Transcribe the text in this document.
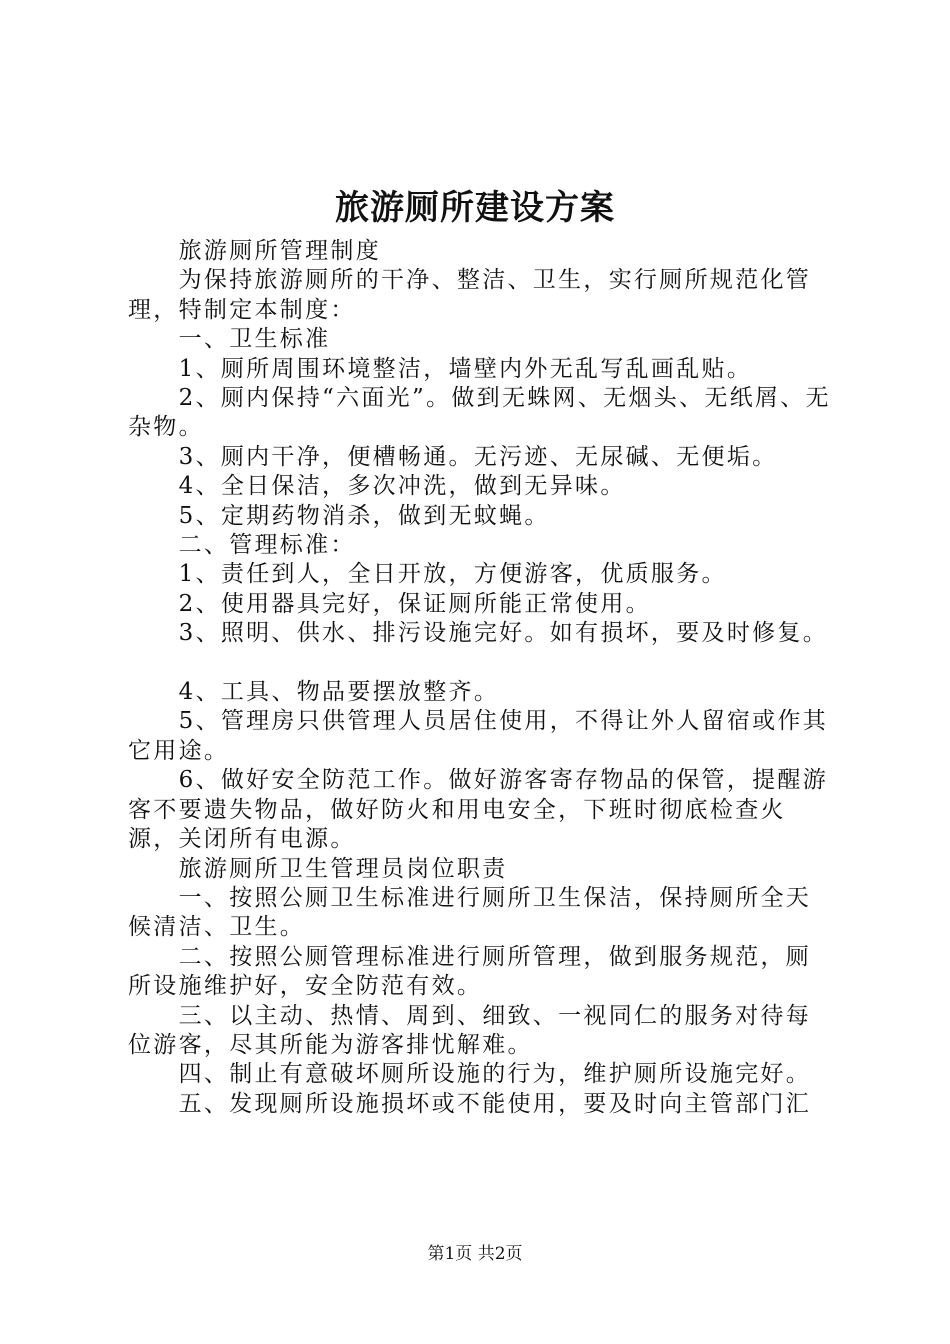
旅游厕所建设方案

旅游厕所管理制度

为保持旅游厕所的干净、整洁、卫生，实行厕所规范化管理，特制定本制度：

一、卫生标准

1、厕所周围环境整洁，墙壁内外无乱写乱画乱贴。

2、厕内保持“六面光”。做到无蛛网、无烟头、无纸屑、无杂物。

3、厕内干净，便槽畅通。无污迹、无尿碱、无便垢。

4、全日保洁，多次冲洗，做到无异味。

5、定期药物消杀，做到无蚊蝇。

二、管理标准：

1、责任到人，全日开放，方便游客，优质服务。

2、使用器具完好，保证厕所能正常使用。

3、照明、供水、排污设施完好。如有损坏，要及时修复。

4、工具、物品要摆放整齐。

5、管理房只供管理人员居住使用，不得让外人留宿或作其它用途。

6、做好安全防范工作。做好游客寄存物品的保管，提醒游客不要遗失物品，做好防火和用电安全，下班时彻底检查火源，关闭所有电源。

旅游厕所卫生管理员岗位职责

一、按照公厕卫生标准进行厕所卫生保洁，保持厕所全天候清洁、卫生。

二、按照公厕管理标准进行厕所管理，做到服务规范，厕所设施维护好，安全防范有效。

三、以主动、热情、周到、细致、一视同仁的服务对待每位游客，尽其所能为游客排忧解难。

四、制止有意破坏厕所设施的行为，维护厕所设施完好。

五、发现厕所设施损坏或不能使用，要及时向主管部门汇

第1页 共2页
